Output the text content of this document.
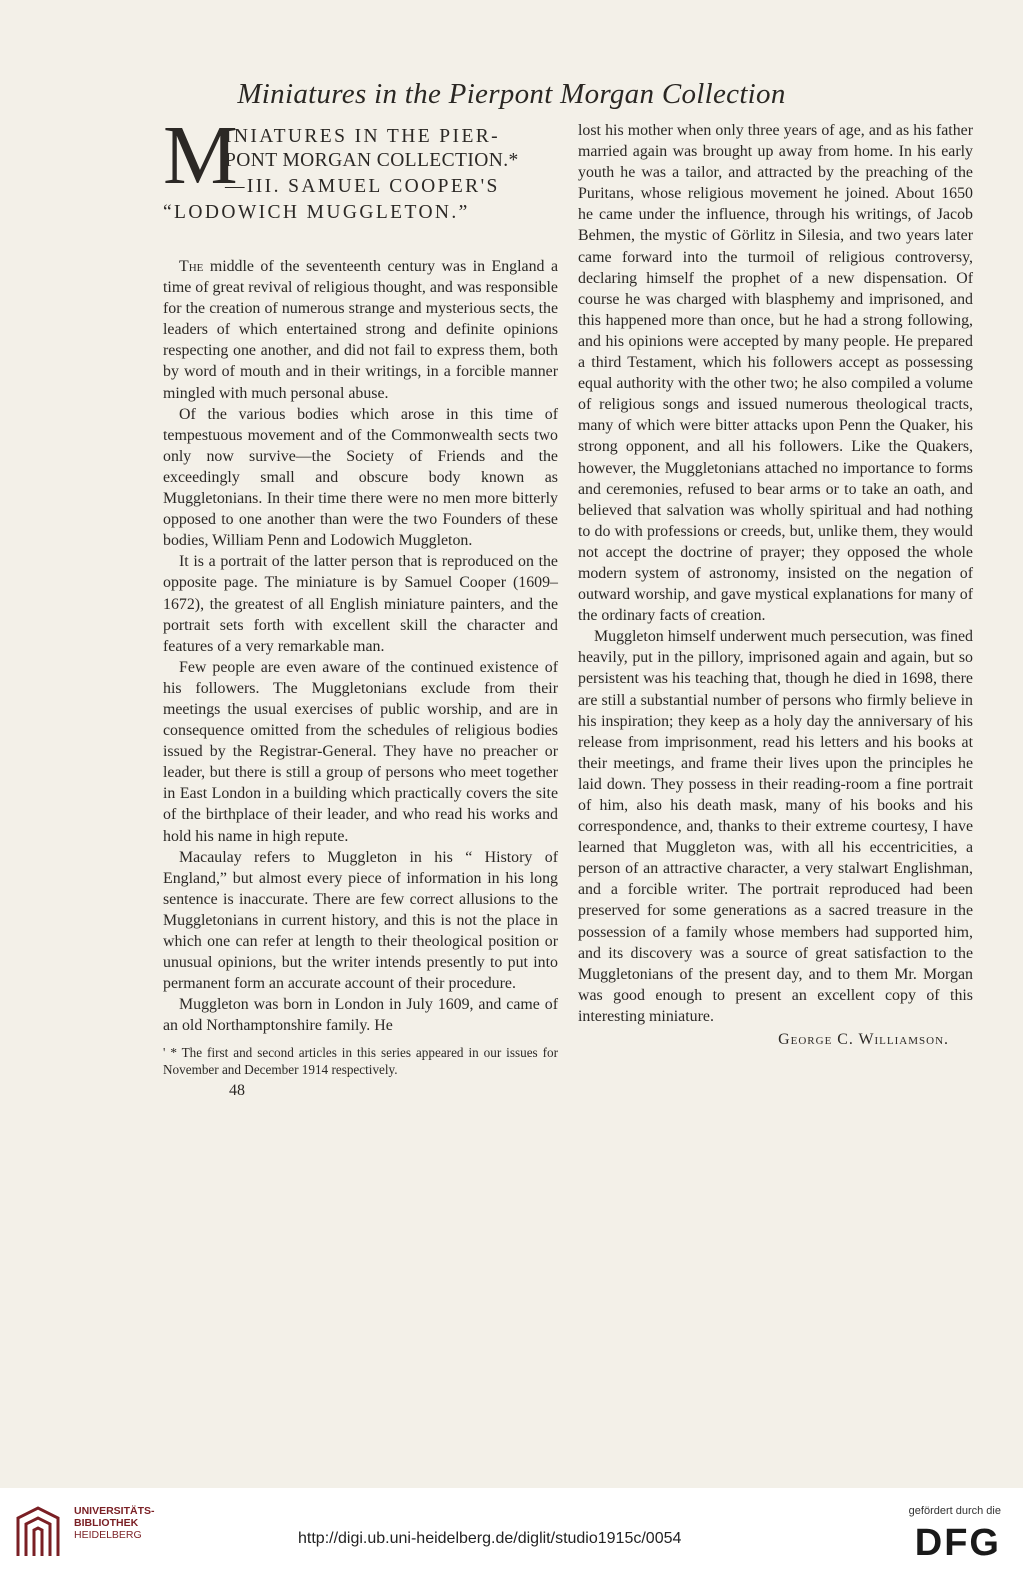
Miniatures in the Pierpont Morgan Collection
M
INIATURES IN THE PIER-
PONT MORGAN COLLECTION.*
—III. SAMUEL COOPER'S
“LODOWICH MUGGLETON.”

The middle of the seventeenth century was in England a time of great revival of religious thought, and was responsible for the creation of numerous strange and mysterious sects, the leaders of which entertained strong and definite opinions respecting one another, and did not fail to express them, both by word of mouth and in their writings, in a forcible manner mingled with much personal abuse.

Of the various bodies which arose in this time of tempestuous movement and of the Commonwealth sects two only now survive—the Society of Friends and the exceedingly small and obscure body known as Muggletonians. In their time there were no men more bitterly opposed to one another than were the two Founders of these bodies, William Penn and Lodowich Muggleton.

It is a portrait of the latter person that is reproduced on the opposite page. The miniature is by Samuel Cooper (1609–1672), the greatest of all English miniature painters, and the portrait sets forth with excellent skill the character and features of a very remarkable man.

Few people are even aware of the continued existence of his followers. The Muggletonians exclude from their meetings the usual exercises of public worship, and are in consequence omitted from the schedules of religious bodies issued by the Registrar-General. They have no preacher or leader, but there is still a group of persons who meet together in East London in a building which practically covers the site of the birthplace of their leader, and who read his works and hold his name in high repute.

Macaulay refers to Muggleton in his “ History of England,” but almost every piece of information in his long sentence is inaccurate. There are few correct allusions to the Muggletonians in current history, and this is not the place in which one can refer at length to their theological position or unusual opinions, but the writer intends presently to put into permanent form an accurate account of their procedure.

Muggleton was born in London in July 1609, and came of an old Northamptonshire family. He

' * The first and second articles in this series appeared in our issues for November and December 1914 respectively.
48

lost his mother when only three years of age, and as his father married again was brought up away from home. In his early youth he was a tailor, and attracted by the preaching of the Puritans, whose religious movement he joined. About 1650 he came under the influence, through his writings, of Jacob Behmen, the mystic of Görlitz in Silesia, and two years later came forward into the turmoil of religious controversy, declaring himself the prophet of a new dispensation. Of course he was charged with blasphemy and imprisoned, and this happened more than once, but he had a strong following, and his opinions were accepted by many people. He prepared a third Testament, which his followers accept as possessing equal authority with the other two; he also compiled a volume of religious songs and issued numerous theological tracts, many of which were bitter attacks upon Penn the Quaker, his strong opponent, and all his followers. Like the Quakers, however, the Muggletonians attached no importance to forms and ceremonies, refused to bear arms or to take an oath, and believed that salvation was wholly spiritual and had nothing to do with professions or creeds, but, unlike them, they would not accept the doctrine of prayer; they opposed the whole modern system of astronomy, insisted on the negation of outward worship, and gave mystical explanations for many of the ordinary facts of creation.

Muggleton himself underwent much persecution, was fined heavily, put in the pillory, imprisoned again and again, but so persistent was his teaching that, though he died in 1698, there are still a substantial number of persons who firmly believe in his inspiration; they keep as a holy day the anniversary of his release from imprisonment, read his letters and his books at their meetings, and frame their lives upon the principles he laid down. They possess in their reading-room a fine portrait of him, also his death mask, many of his books and his correspondence, and, thanks to their extreme courtesy, I have learned that Muggleton was, with all his eccentricities, a person of an attractive character, a very stalwart Englishman, and a forcible writer. The portrait reproduced had been preserved for some generations as a sacred treasure in the possession of a family whose members had supported him, and its discovery was a source of great satisfaction to the Muggletonians of the present day, and to them Mr. Morgan was good enough to present an excellent copy of this interesting miniature.

George C. Williamson.
UNIVERSITÄTS-
BIBLIOTHEK
HEIDELBERG	http://digi.ub.uni-heidelberg.de/diglit/studio1915c/0054
gefördert durch die
DFG
